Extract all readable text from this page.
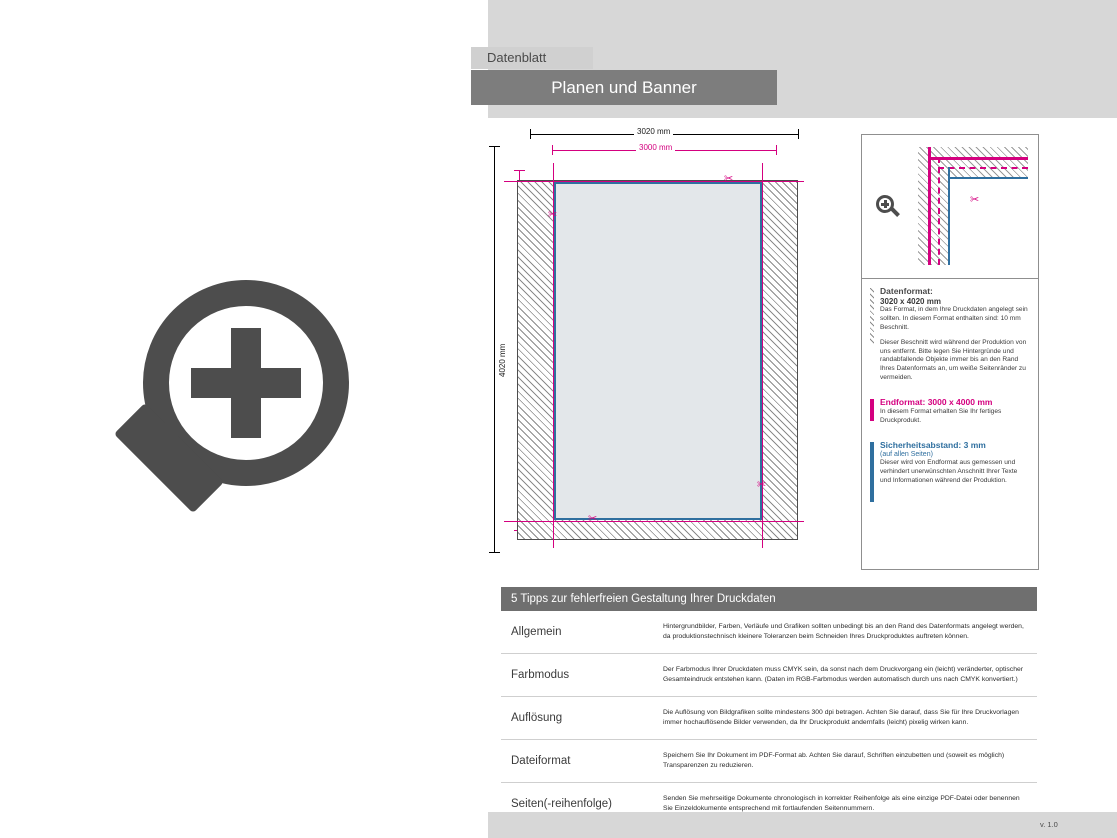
Datenblatt
Planen und Banner
3020 mm
3000 mm
4020 mm
✂
✂
✂
✂
✂

Datenformat:

3020 x 4020 mm

Das Format, in dem Ihre Druckdaten angelegt sein sollten. In diesem Format enthalten sind: 10 mm Beschnitt.

Dieser Beschnitt wird während der Produktion von uns entfernt. Bitte legen Sie Hintergründe und randabfallende Objekte immer bis an den Rand Ihres Datenformats an, um weiße Seitenränder zu vermeiden.

Endformat: 3000 x 4000 mm

In diesem Format erhalten Sie Ihr fertiges Druckprodukt.

Sicherheitsabstand: 3 mm

(auf allen Seiten)

Dieser wird von Endformat aus gemessen und verhindert unerwünschten Anschnitt Ihrer Texte und Informationen während der Produktion.

5 Tipps zur fehlerfreien Gestaltung Ihrer Druckdaten
Allgemein	Hintergrundbilder, Farben, Verläufe und Grafiken sollten unbedingt bis an den Rand des Datenformats angelegt werden, da produktionstechnisch kleinere Toleranzen beim Schneiden Ihres Druckproduktes auftreten können.
Farbmodus	Der Farbmodus Ihrer Druckdaten muss CMYK sein, da sonst nach dem Druckvorgang ein (leicht) veränderter, optischer Gesamteindruck entstehen kann. (Daten im RGB-Farbmodus werden automatisch durch uns nach CMYK konvertiert.)
Auflösung	Die Auflösung von Bildgrafiken sollte mindestens 300 dpi betragen. Achten Sie darauf, dass Sie für Ihre Druckvorlagen immer hochauflösende Bilder verwenden, da Ihr Druckprodukt andernfalls (leicht) pixelig wirken kann.
Dateiformat	Speichern Sie Ihr Dokument im PDF-Format ab. Achten Sie darauf, Schriften einzubetten und (soweit es möglich) Transparenzen zu reduzieren.
Seiten(-reihenfolge)	Senden Sie mehrseitige Dokumente chronologisch in korrekter Reihenfolge als eine einzige PDF-Datei oder benennen Sie Einzeldokumente entsprechend mit fortlaufenden Seitennummern.
v. 1.0
